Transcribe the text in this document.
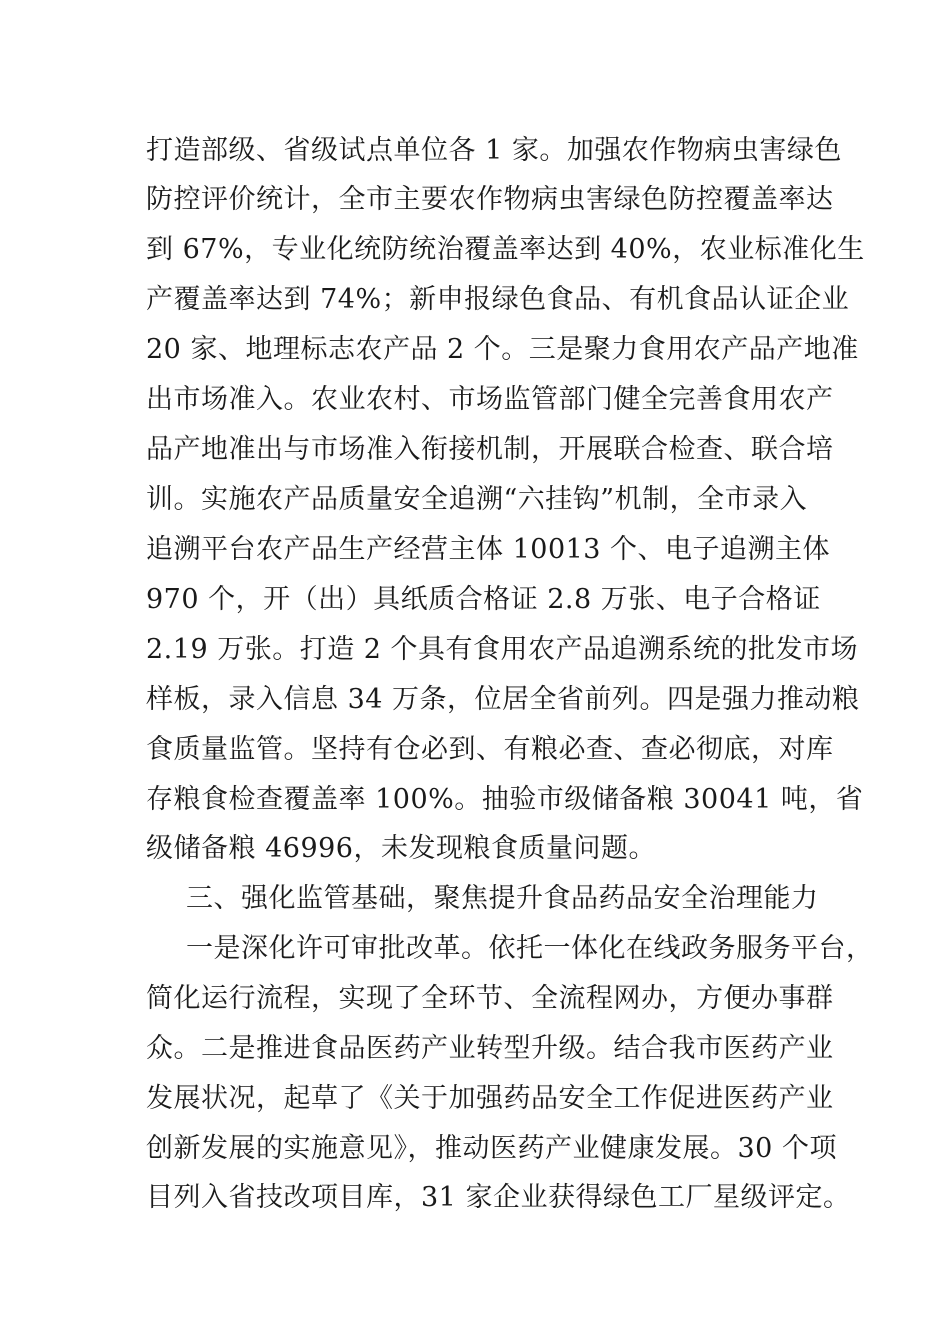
打造部级、省级试点单位各 1 家。加强农作物病虫害绿色
防控评价统计，全市主要农作物病虫害绿色防控覆盖率达
到 67%，专业化统防统治覆盖率达到 40%，农业标准化生
产覆盖率达到 74%；新申报绿色食品、有机食品认证企业
20 家、地理标志农产品 2 个。三是聚力食用农产品产地准
出市场准入。农业农村、市场监管部门健全完善食用农产
品产地准出与市场准入衔接机制，开展联合检查、联合培
训。实施农产品质量安全追溯“六挂钩”机制，全市录入
追溯平台农产品生产经营主体 10013 个、电子追溯主体
970 个，开（出）具纸质合格证 2.8 万张、电子合格证
2.19 万张。打造 2 个具有食用农产品追溯系统的批发市场
样板，录入信息 34 万条，位居全省前列。四是强力推动粮
食质量监管。坚持有仓必到、有粮必查、查必彻底，对库
存粮食检查覆盖率 100%。抽验市级储备粮 30041 吨，省
级储备粮 46996，未发现粮食质量问题。
三、强化监管基础，聚焦提升食品药品安全治理能力
一是深化许可审批改革。依托一体化在线政务服务平台，
简化运行流程，实现了全环节、全流程网办，方便办事群
众。二是推进食品医药产业转型升级。结合我市医药产业
发展状况，起草了《关于加强药品安全工作促进医药产业
创新发展的实施意见》，推动医药产业健康发展。30 个项
目列入省技改项目库，31 家企业获得绿色工厂星级评定。
